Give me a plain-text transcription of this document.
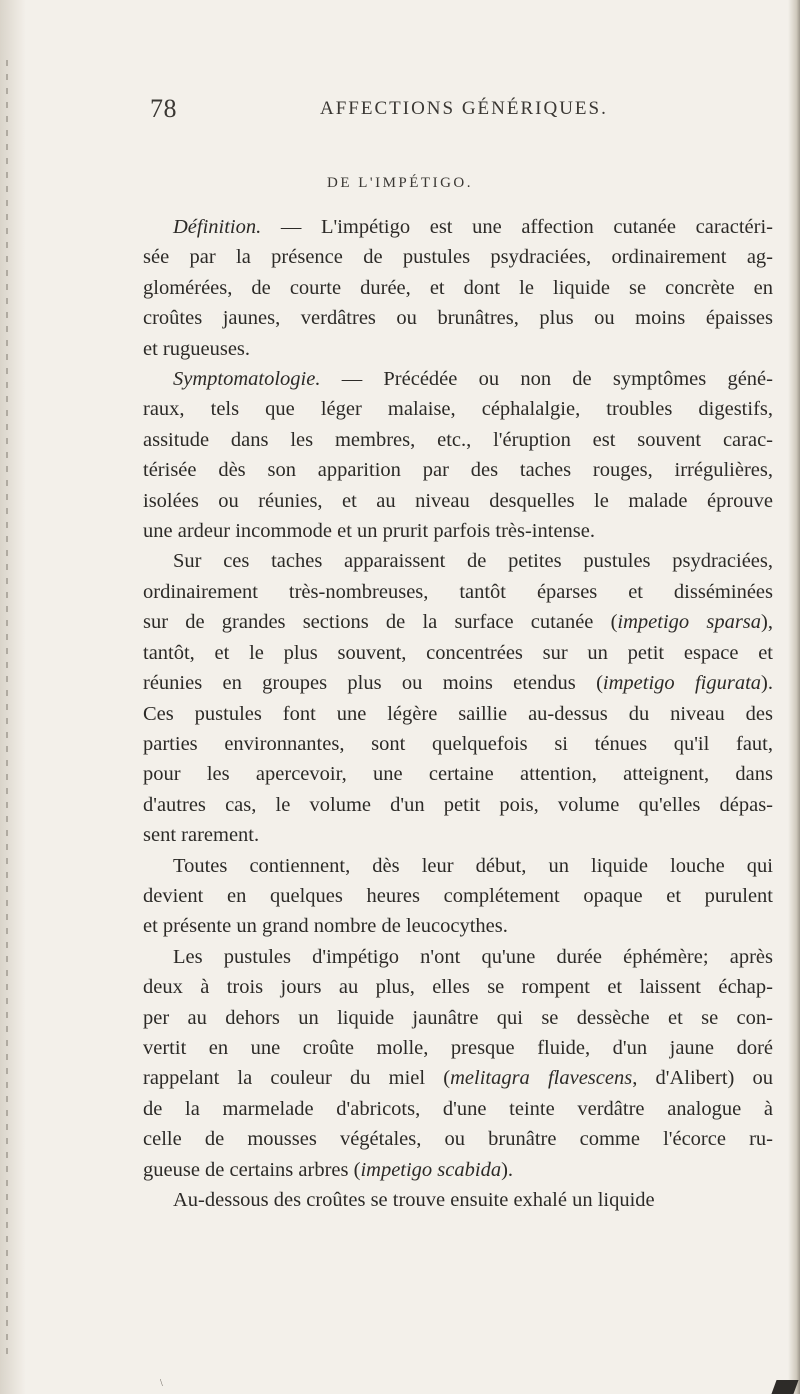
78	AFFECTIONS GÉNÉRIQUES.
DE L'IMPÉTIGO.
Définition. — L'impétigo est une affection cutanée caractéri-
sée par la présence de pustules psydraciées, ordinairement ag-
glomérées, de courte durée, et dont le liquide se concrète en
croûtes jaunes, verdâtres ou brunâtres, plus ou moins épaisses
et rugueuses.
Symptomatologie. — Précédée ou non de symptômes géné-
raux, tels que léger malaise, céphalalgie, troubles digestifs,
assitude dans les membres, etc., l'éruption est souvent carac-
térisée dès son apparition par des taches rouges, irrégulières,
isolées ou réunies, et au niveau desquelles le malade éprouve
une ardeur incommode et un prurit parfois très-intense.
Sur ces taches apparaissent de petites pustules psydraciées,
ordinairement très-nombreuses, tantôt éparses et disséminées
sur de grandes sections de la surface cutanée (impetigo sparsa),
tantôt, et le plus souvent, concentrées sur un petit espace et
réunies en groupes plus ou moins etendus (impetigo figurata).
Ces pustules font une légère saillie au-dessus du niveau des
parties environnantes, sont quelquefois si ténues qu'il faut,
pour les apercevoir, une certaine attention, atteignent, dans
d'autres cas, le volume d'un petit pois, volume qu'elles dépas-
sent rarement.
Toutes contiennent, dès leur début, un liquide louche qui
devient en quelques heures complétement opaque et purulent
et présente un grand nombre de leucocythes.
Les pustules d'impétigo n'ont qu'une durée éphémère; après
deux à trois jours au plus, elles se rompent et laissent échap-
per au dehors un liquide jaunâtre qui se dessèche et se con-
vertit en une croûte molle, presque fluide, d'un jaune doré
rappelant la couleur du miel (melitagra flavescens, d'Alibert) ou
de la marmelade d'abricots, d'une teinte verdâtre analogue à
celle de mousses végétales, ou brunâtre comme l'écorce ru-
gueuse de certains arbres (impetigo scabida).
Au-dessous des croûtes se trouve ensuite exhalé un liquide
\
